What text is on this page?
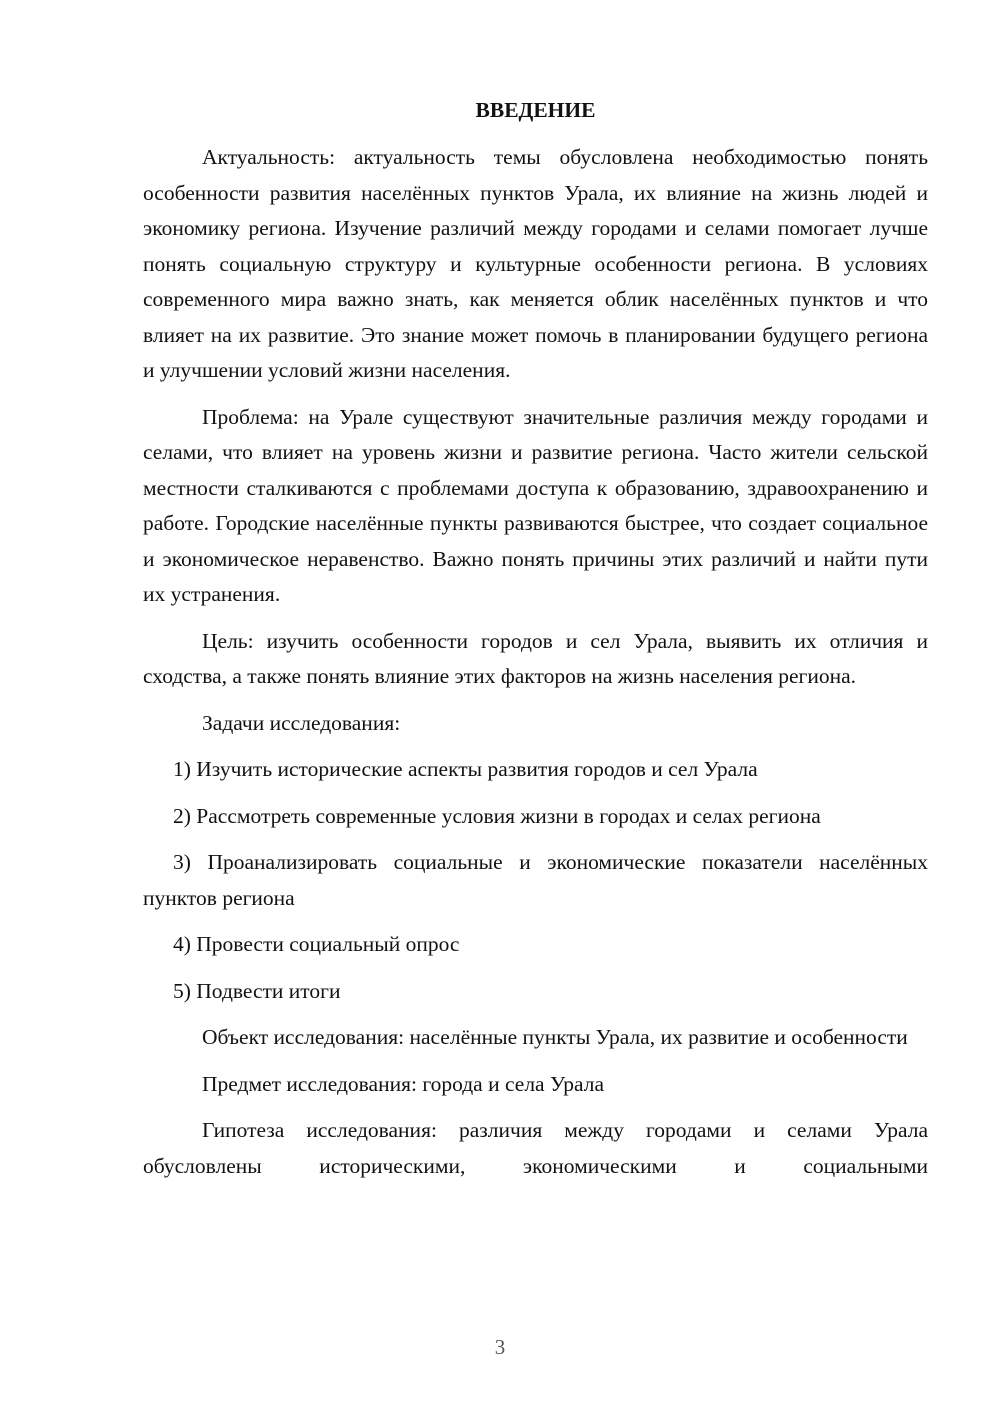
ВВЕДЕНИЕ

Актуальность: актуальность темы обусловлена необходимостью понять особенности развития населённых пунктов Урала, их влияние на жизнь людей и экономику региона. Изучение различий между городами и селами помогает лучше понять социальную структуру и культурные особенности региона. В условиях современного мира важно знать, как меняется облик населённых пунктов и что влияет на их развитие. Это знание может помочь в планировании будущего региона и улучшении условий жизни населения.

Проблема: на Урале существуют значительные различия между городами и селами, что влияет на уровень жизни и развитие региона. Часто жители сельской местности сталкиваются с проблемами доступа к образованию, здравоохранению и работе. Городские населённые пункты развиваются быстрее, что создает социальное и экономическое неравенство. Важно понять причины этих различий и найти пути их устранения.

Цель: изучить особенности городов и сел Урала, выявить их отличия и сходства, а также понять влияние этих факторов на жизнь населения региона.

Задачи исследования:

1) Изучить исторические аспекты развития городов и сел Урала

2) Рассмотреть современные условия жизни в городах и селах региона

3) Проанализировать социальные и экономические показатели населённых пунктов региона

4) Провести социальный опрос

5) Подвести итоги

Объект исследования: населённые пункты Урала, их развитие и особенности

Предмет исследования: города и села Урала

Гипотеза исследования: различия между городами и селами Урала обусловлены историческими, экономическими и социальными

3
